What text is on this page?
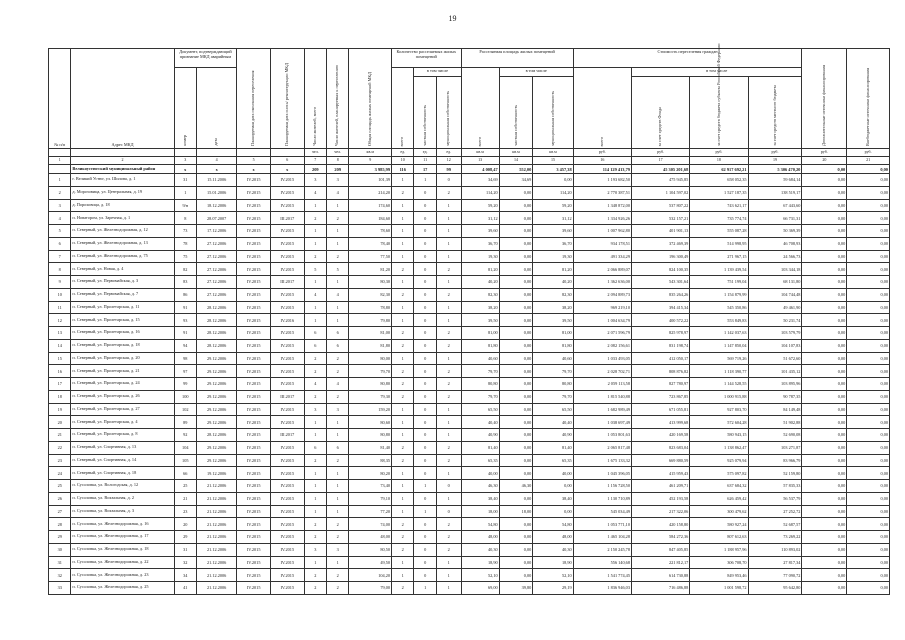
19
№ п/п	Адрес МКД	Документ, подтверждающий признание МКД аварийным		Планируемая дата окончания переселения	Планируемая дата сноса/ реконструкции МКД	Число жителей, всего	Число жителей, планируемых к переселению	Общая площадь жилых помещений МКД	Количество расселяемых жилых помещений			Расселяемая площадь жилых помещений			Стоимость переселения граждан				Дополнительные источники финансирования	Внебюджетные источники финансирования
		номер	дата						всего	в том числе		всего	в том числе		всего	в том числе				
										частная собственность	муниципальная собственность		частная собственность	муниципальная собственность		за счет средств Фонда	за счет средств бюджета субъекта Российской Федерации	за счет средств местного бюджета		
						чел.	чел.	кв.м	ед.	ед.	ед.	кв.м	кв.м	кв.м	руб.	руб.	руб.	руб.	руб.	руб.
1	2	3	4	5	6	7	8	9	10	11	12	13	14	15	16	17	18	19	20	21
	Великоустюгский муниципальный район	x	x	x	x	209	209	3 985,99	116	17	99	4 008,47	552,00	3 457,38	114 129 413,79	45 305 201,68	62 917 692,21	5 306 470,20	0,00	0,00
1	г. Великий Устюг, ул. Шилова, д. 1	31	15.11.2006	IV.2015	IV.2015	3	3	101,39	1	1	0	34,69	34,69	0,00	1 193 682,50	475 945,85	658 052,35	59 684,14	0,00	0,00
2	д. Морозовица, ул. Центральная, д. 19	1	15.01.2006	IV.2015	IV.2015	4	4	214,20	2	0	2	114,20	0,00	114,20	2 770 387,51	1 104 597,02	1 527 187,35	138 519,17	0,00	0,00
3	д. Пороховица, д. 18	9/н	18.12.2006	IV.2015	IV.2015	1	1	174,60	1	0	1	59,20	0,00	59,20	1 348 872,00	537 807,22	743 621,17	67 443,60	0,00	0,00
4	п. Новатором, ул. Заречная, д. 1	8	28.07.2007	IV.2015	III.2017	2	2	184,60	1	0	1	31,12	0,00	31,12	1 334 926,26	532 157,21	735 774,74	66 731,31	0,00	0,00
5	п. Северный, ул. Железнодорожная, д. 12	73	17.12.2006	IV.2015	IV.2015	1	1	78,60	1	0	1	39,60	0,00	39,60	1 007 962,80	401 901,13	555 087,28	50 369,39	0,00	0,00
6	п. Северный, ул. Железнодорожная, д. 13	78	27.12.2006	IV.2015	IV.2015	1	1	78,40	1	0	1	36,70	0,00	36,70	934 178,51	372 469,39	514 998,95	46 708,93	0,00	0,00
7	п. Северный, ул. Железнодорожная, д. 75	75	27.12.2006	IV.2015	IV.2015	2	2	77,50	1	0	1	19,30	0,00	19,30	491 334,29	196 300,49	271 967,15	24 566,73	0,00	0,00
8	п. Северный, ул. Новая, д. 4	82	27.12.2006	IV.2015	IV.2015	5	5	81,20	2	0	2	81,20	0,00	81,20	2 066 889,07	824 100,35	1 139 439,54	103 344,18	0,00	0,00
9	п. Северный, ул. Первомайская, д. 3	83	27.12.2006	IV.2015	III.2017	1	1	80,30	1	0	1	40,20	0,00	40,20	1 362 636,00	543 301,64	751 199,04	68 131,80	0,00	0,00
10	п. Северный, ул. Первомайская, д. 7	86	27.12.2006	IV.2015	IV.2015	4	4	82,30	2	0	2	82,30	0,00	82,30	2 094 889,73	835 264,26	1 154 879,99	104 744,48	0,00	0,00
11	п. Северный, ул. Пролетарская, д. 11	91	28.12.2006	IV.2015	IV.2015	1	1	78,80	1	0	1	38,20	0,00	38,20	969 219,10	394 415,34	545 350,86	49 461,90	0,00	0,00
12	п. Северный, ул. Пролетарская, д. 15	93	28.12.2006	IV.2015	IV.2016	1	1	79,80	1	0	1	39,50	0,00	39,50	1 004 634,79	400 572,22	553 849,83	50 231,74	0,00	0,00
13	п. Северный, ул. Пролетарская, д. 16	91	28.12.2006	IV.2015	IV.2015	6	6	81,00	2	0	2	81,00	0,00	81,00	2 071 596,79	825 978,97	1 142 037,63	103 579,79	0,00	0,00
14	п. Северный, ул. Пролетарская, д. 18	94	28.12.2006	IV.2015	IV.2015	6	6	81,80	2	0	2	81,80	0,00	81,80	2 082 156,61	831 198,74	1 147 850,04	104 107,83	0,00	0,00
15	п. Северный, ул. Пролетарская, д. 20	98	29.12.2006	IV.2015	IV.2015	2	2	80,00	1	0	1	40,60	0,00	40,60	1 033 493,05	412 050,17	569 719,26	51 672,60	0,00	0,00
16	п. Северный, ул. Пролетарская, д. 21	97	29.12.2006	IV.2015	IV.2015	2	2	79,70	2	0	2	79,70	0,00	79,70	2 028 702,71	808 876,82	1 118 390,77	101 435,12	0,00	0,00
17	п. Северный, ул. Пролетарская, д. 24	99	29.12.2006	IV.2015	IV.2015	4	4	80,80	2	0	2	80,80	0,00	80,80	2 059 113,58	827 780,97	1 144 528,55	103 895,96	0,00	0,00
18	п. Северный, ул. Пролетарская, д. 26	100	29.12.2006	IV.2015	III.2017	2	2	79,30	2	0	2	79,70	0,00	79,70	1 815 540,88	723 867,85	1 000 915,88	90 787,35	0,00	0,00
19	п. Северный, ул. Пролетарская, д. 27	102	29.12.2006	IV.2015	IV.2015	3	3	159,20	1	0	1	65,50	0,00	65,50	1 682 989,49	671 055,81	927 803,70	84 149,48	0,00	0,00
20	п. Северный, ул. Пролетарская, д. 4	89	29.12.2006	IV.2015	IV.2015	1	1	80,60	1	0	1	40,40	0,00	40,40	1 038 697,49	413 999,68	572 604,28	51 902,88	0,00	0,00
21	п. Северный, ул. Пролетарская, д. 8	92	28.12.2006	IV.2015	III.2017	1	1	80,80	1	0	1	40,90	0,00	40,90	1 053 801,63	420 169,58	580 943,15	52 690,08	0,00	0,00
22	п. Северный, ул. Спортивная, д. 13	104	29.12.2006	IV.2015	IV.2015	6	6	81,40	2	0	2	81,40	0,00	81,40	2 065 817,48	823 683,04	1 138 862,47	103 271,87	0,00	0,00
23	п. Северный, ул. Спортивная, д. 14	105	29.12.2006	IV.2015	IV.2015	2	2	88,35	2	0	2	65,35	0,00	65,35	1 675 133,32	669 880,59	925 079,94	83 966,79	0,00	0,00
24	п. Северный, ул. Спортивная, д. 18	66	19.12.2006	IV.2015	IV.2015	1	1	80,20	1	0	1	40,00	0,00	40,00	1 045 396,05	415 959,43	575 097,82	52 159,80	0,00	0,00
25	п. Сусоловка, ул. Вологодская, д. 12	25	21.12.2006	IV.2015	IV.2015	1	1	73,40	1	1	0	46,30	46,30	0,00	1 156 728,50	461 209,71	637 684,32	57 835,33	0,00	0,00
26	п. Сусоловка, ул. Вокзальная, д. 2	21	21.12.2006	IV.2015	IV.2015	1	1	79,10	1	0	1	38,40	0,00	38,40	1 130 710,89	452 193,58	626 459,42	56 537,79	0,00	0,00
27	п. Сусоловка, ул. Вокзальная, д. 3	23	21.12.2006	IV.2015	IV.2015	1	1	77,20	1	1	0	18,00	18,00	0,00	545 034,49	217 322,06	300 479,62	27 252,72	0,00	0,00
28	п. Сусоловка, ул. Железнодорожная, д. 16	20	21.12.2006	IV.2015	IV.2015	2	2	74,00	2	0	2	54,80	0,00	54,80	1 053 771,10	420 158,80	580 927,24	52 687,57	0,00	0,00
29	п. Сусоловка, ул. Железнодорожная, д. 17	29	21.12.2006	IV.2015	IV.2015	2	2	48,00	2	0	2	48,00	0,00	48,00	1 465 104,28	584 272,36	807 612,63	73 269,22	0,00	0,00
30	п. Сусоловка, ул. Железнодорожная, д. 18	31	21.12.2006	IV.2015	IV.2015	3	3	80,50	2	0	2	40,30	0,00	40,30	2 150 245,78	847 405,85	1 188 957,96	110 893,02	0,00	0,00
31	п. Сусоловка, ул. Железнодорожная, д. 22	32	21.12.2006	IV.2015	IV.2015	1	1	49,50	1	0	1	18,90	0,00	18,90	556 140,68	221 812,17	306 708,70	27 817,34	0,00	0,00
32	п. Сусоловка, ул. Железнодорожная, д. 23	34	21.12.2006	IV.2015	IV.2015	2	2	104,20	1	0	1	52,10	0,00	52,10	1 541 774,45	614 730,88	849 953,46	77 090,72	0,00	0,00
33	п. Сусоловка, ул. Железнодорожная, д. 25	41	21.12.2006	IV.2015	IV.2015	2	2	79,00	2	1	1	69,00	39,80	29,19	1 836 946,03	716 486,88	1 001 598,72	95 642,80	0,00	0,00
